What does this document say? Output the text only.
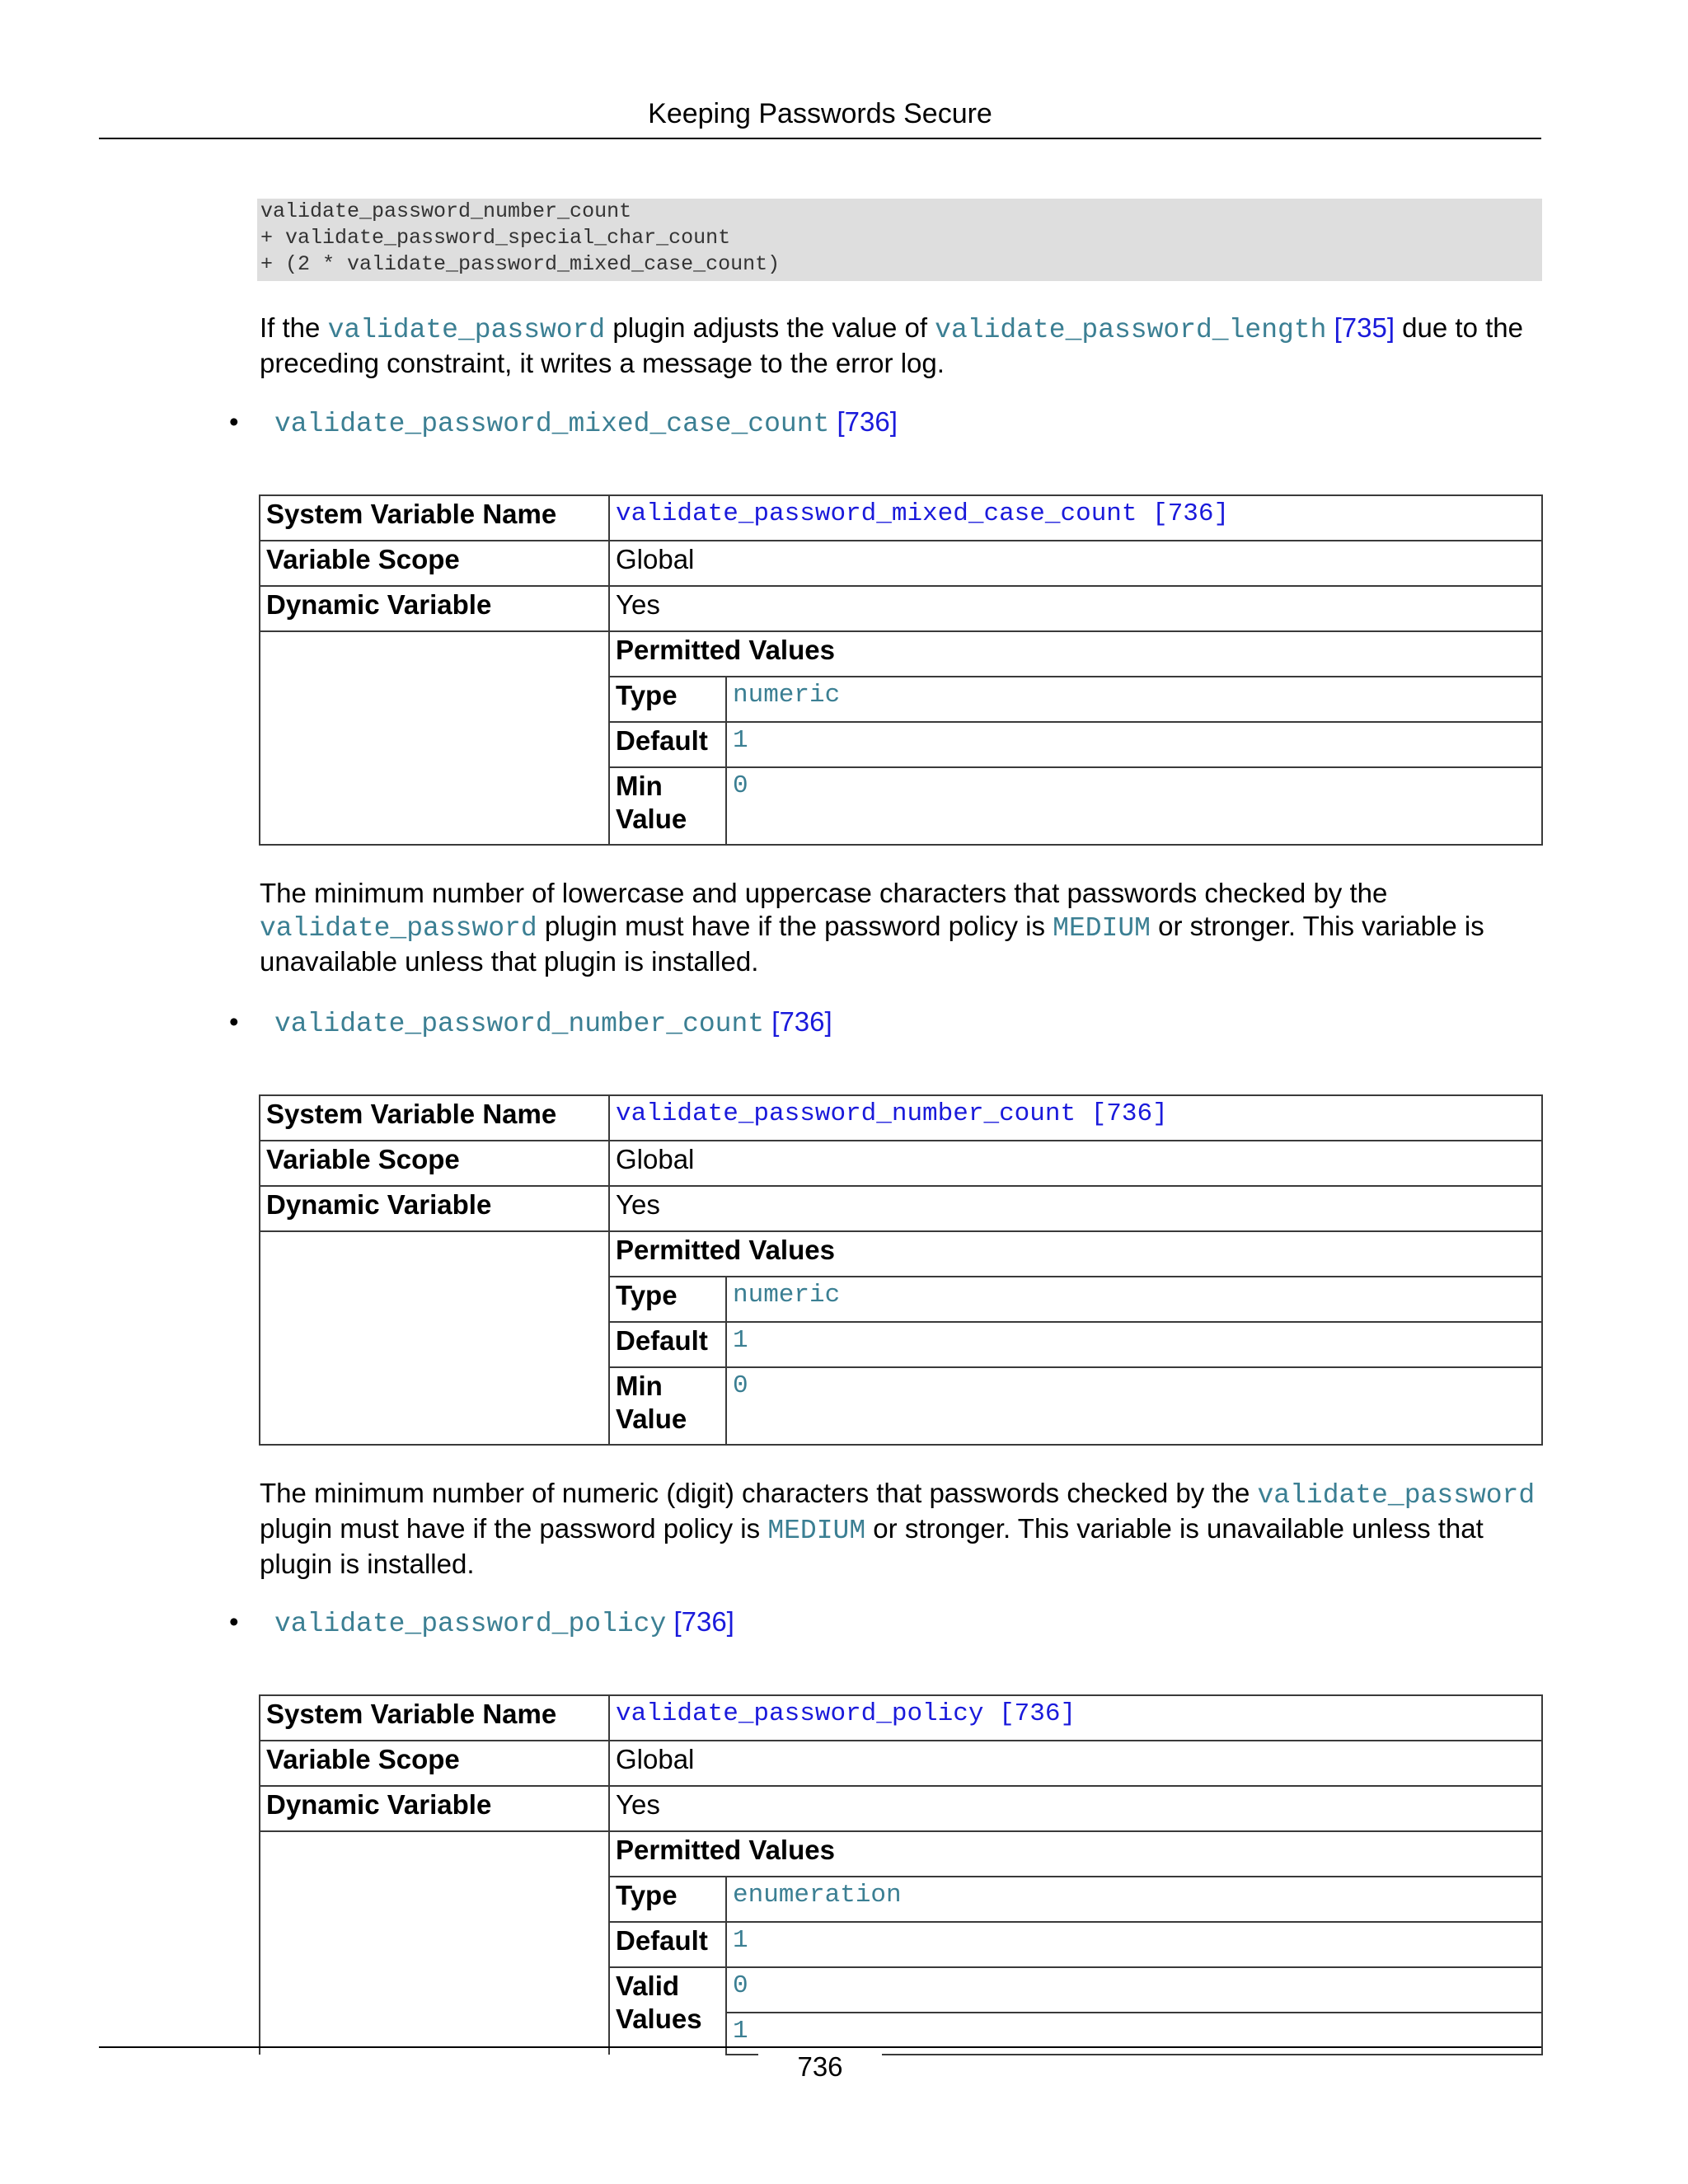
Keeping Passwords Secure
validate_password_number_count
+ validate_password_special_char_count
+ (2 * validate_password_mixed_case_count)

If the validate_password plugin adjusts the value of validate_password_length [735] due to the preceding constraint, it writes a message to the error log.

• validate_password_mixed_case_count [736]
System Variable Name	validate_password_mixed_case_count [736]	
Variable Scope	Global	
Dynamic Variable	Yes	
	Permitted Values	
	Type	numeric
	Default	1
	Min Value	0

The minimum number of lowercase and uppercase characters that passwords checked by the validate_password plugin must have if the password policy is MEDIUM or stronger. This variable is unavailable unless that plugin is installed.

• validate_password_number_count [736]
System Variable Name	validate_password_number_count [736]	
Variable Scope	Global	
Dynamic Variable	Yes	
	Permitted Values	
	Type	numeric
	Default	1
	Min Value	0

The minimum number of numeric (digit) characters that passwords checked by the validate_password plugin must have if the password policy is MEDIUM or stronger. This variable is unavailable unless that plugin is installed.

• validate_password_policy [736]
System Variable Name	validate_password_policy [736]	
Variable Scope	Global	
Dynamic Variable	Yes	
	Permitted Values	
	Type	enumeration
	Default	1
	Valid Values	0
		1
736
